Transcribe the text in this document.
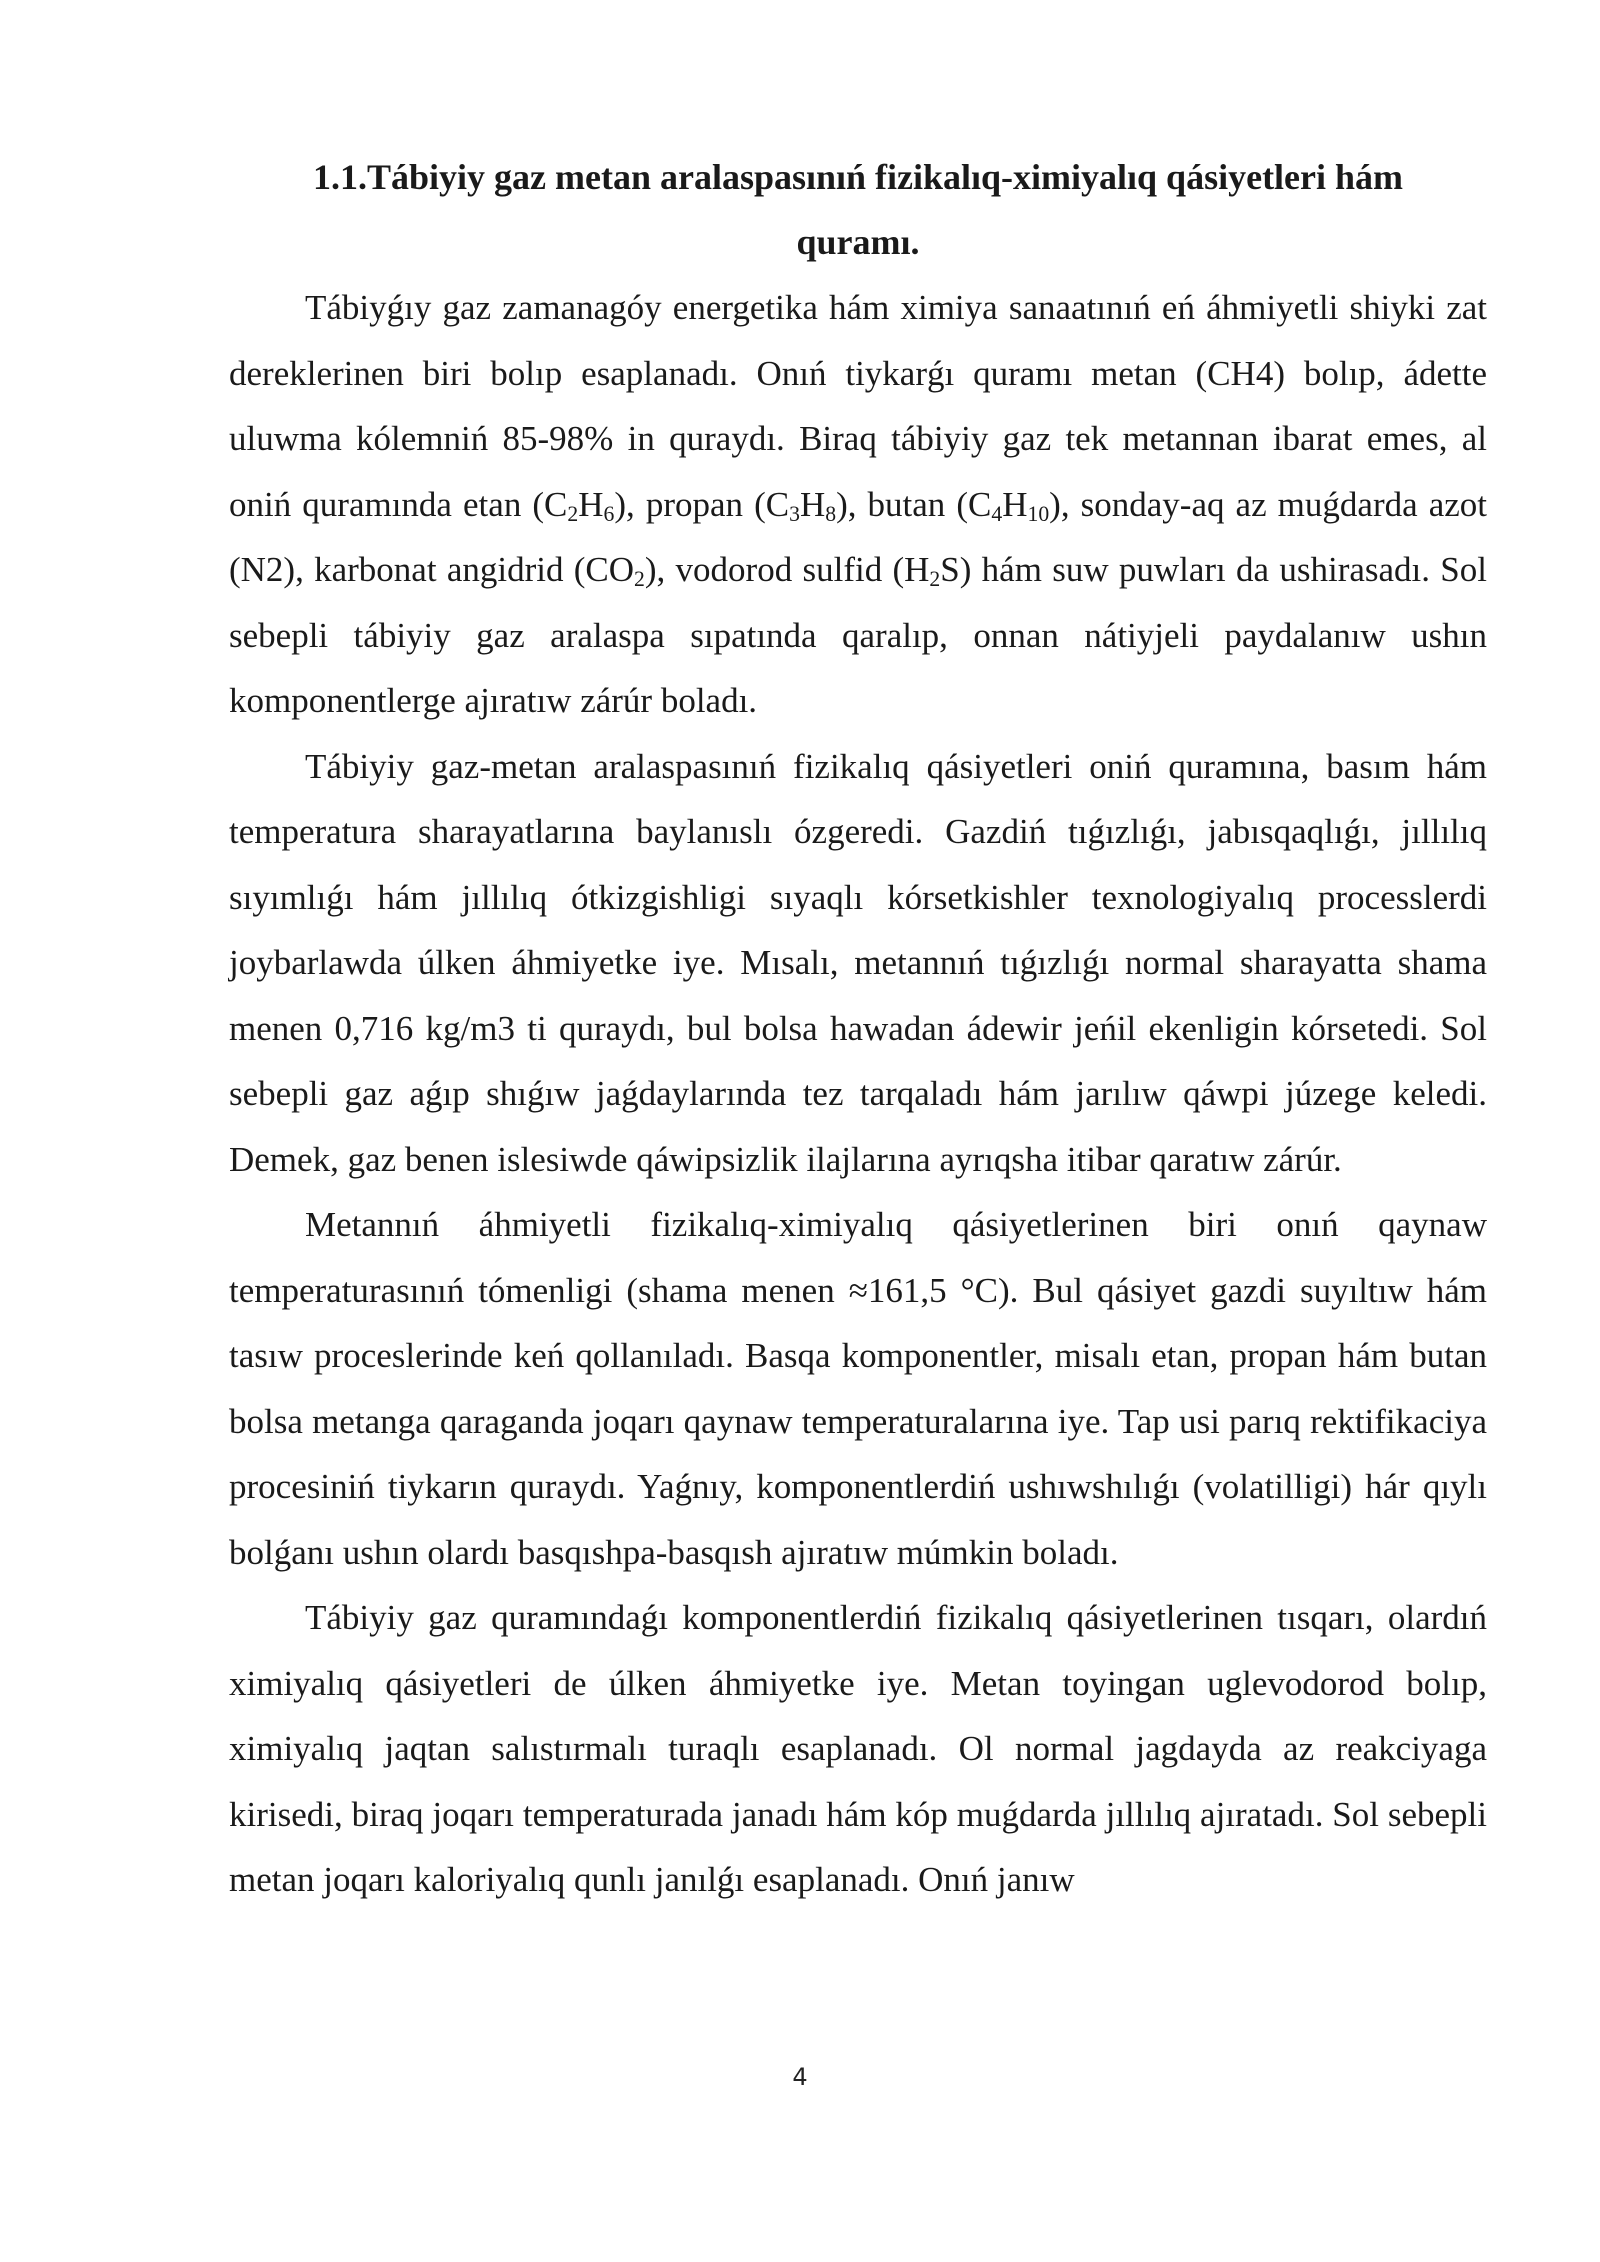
1.1.Tábiyiy gaz metan aralaspasınıń fizikalıq-ximiyalıq qásiyetleri hám quramı.

Tábiyǵıy gaz zamanagóy energetika hám ximiya sanaatınıń eń áhmiyetli shiyki zat dereklerinen biri bolıp esaplanadı. Onıń tiykarǵı quramı metan (CH4) bolıp, ádette uluwma kólemniń 85-98% in quraydı. Biraq tábiyiy gaz tek metannan ibarat emes, al oniń quramında etan $(C_2H_6)$, propan $(C_3H_8)$, butan $(C_4H_{10})$, sonday-aq az muǵdarda azot (N2), karbonat angidrid $(CO_2)$, vodorod sulfid $(H_2S)$ hám suw puwları da ushirasadı. Sol sebepli tábiyiy gaz aralaspa sıpatında qaralıp, onnan nátiyjeli paydalanıw ushın komponentlerge ajıratıw zárúr boladı.

Tábiyiy gaz-metan aralaspasınıń fizikalıq qásiyetleri oniń quramına, basım hám temperatura sharayatlarına baylanıslı ózgeredi. Gazdiń tıǵızlıǵı, jabısqaqlıǵı, jıllılıq sıyımlıǵı hám jıllılıq ótkizgishligi sıyaqlı kórsetkishler texnologiyalıq processlerdi joybarlawda úlken áhmiyetke iye. Mısalı, metannıń tıǵızlıǵı normal sharayatta shama menen 0,716 kg/m3 ti quraydı, bul bolsa hawadan ádewir jeńil ekenligin kórsetedi. Sol sebepli gaz aǵıp shıǵıw jaǵdaylarında tez tarqaladı hám jarılıw qáwpi júzege keledi. Demek, gaz benen islesiwde qáwipsizlik ilajlarına ayrıqsha itibar qaratıw zárúr.

Metannıń áhmiyetli fizikalıq-ximiyalıq qásiyetlerinen biri onıń qaynaw temperaturasınıń tómenligi (shama menen ≈161,5 °C). Bul qásiyet gazdi suyıltıw hám tasıw proceslerinde keń qollanıladı. Basqa komponentler, misalı etan, propan hám butan bolsa metanga qaraganda joqarı qaynaw temperaturalarına iye. Tap usi parıq rektifikaciya procesiniń tiykarın quraydı. Yaǵnıy, komponentlerdiń ushıwshılıǵı (volatilligi) hár qıylı bolǵanı ushın olardı basqıshpa-basqısh ajıratıw múmkin boladı.

Tábiyiy gaz quramındaǵı komponentlerdiń fizikalıq qásiyetlerinen tısqarı, olardıń ximiyalıq qásiyetleri de úlken áhmiyetke iye. Metan toyingan uglevodorod bolıp, ximiyalıq jaqtan salıstırmalı turaqlı esaplanadı. Ol normal jagdayda az reakciyaga kirisedi, biraq joqarı temperaturada janadı hám kóp muǵdarda jıllılıq ajıratadı. Sol sebepli metan joqarı kaloriyalıq qunlı janılǵı esaplanadı. Onıń janıw

4
